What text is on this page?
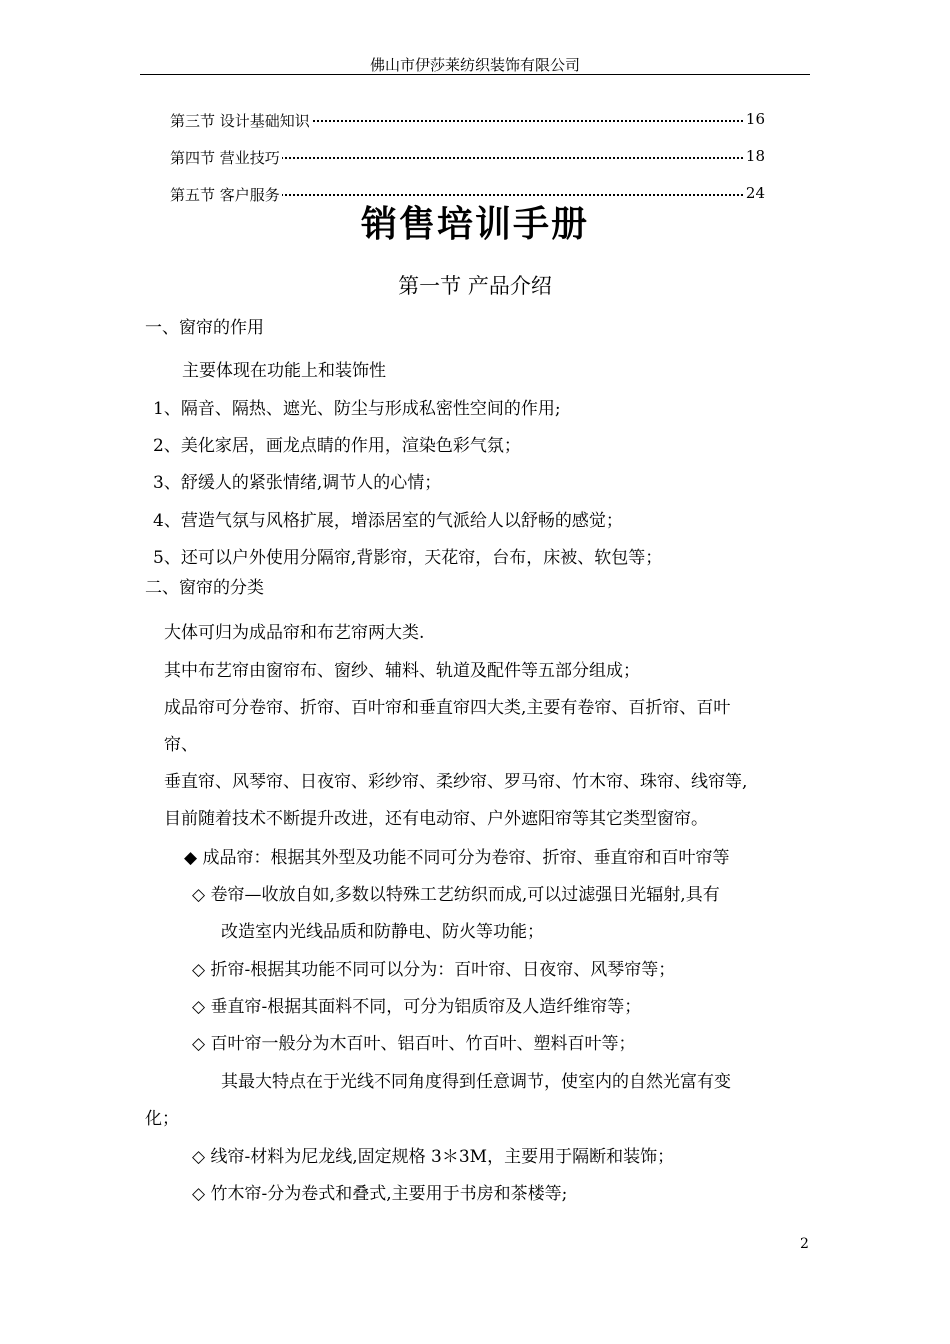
佛山市伊莎莱纺织装饰有限公司
第三节 设计基础知识	16
第四节 营业技巧	18
第五节 客户服务	24
销售培训手册
第一节 产品介绍
一、窗帘的作用
主要体现在功能上和装饰性
1、隔音、隔热、遮光、防尘与形成私密性空间的作用;
2、美化家居，画龙点睛的作用，渲染色彩气氛；
3、舒缓人的紧张情绪,调节人的心情；
4、营造气氛与风格扩展，增添居室的气派给人以舒畅的感觉；
5、还可以户外使用分隔帘,背影帘，天花帘，台布，床被、软包等；
二、窗帘的分类
大体可归为成品帘和布艺帘两大类.
其中布艺帘由窗帘布、窗纱、辅料、轨道及配件等五部分组成；
成品帘可分卷帘、折帘、百叶帘和垂直帘四大类,主要有卷帘、百折帘、百叶
帘、
垂直帘、风琴帘、日夜帘、彩纱帘、柔纱帘、罗马帘、竹木帘、珠帘、线帘等,
目前随着技术不断提升改进，还有电动帘、户外遮阳帘等其它类型窗帘。
◆ 成品帘：根据其外型及功能不同可分为卷帘、折帘、垂直帘和百叶帘等
◇ 卷帘—收放自如,多数以特殊工艺纺织而成,可以过滤强日光辐射,具有
改造室内光线品质和防静电、防火等功能；
◇ 折帘-根据其功能不同可以分为：百叶帘、日夜帘、风琴帘等；
◇ 垂直帘-根据其面料不同，可分为铝质帘及人造纤维帘等；
◇ 百叶帘一般分为木百叶、铝百叶、竹百叶、塑料百叶等；
其最大特点在于光线不同角度得到任意调节，使室内的自然光富有变
化；
◇ 线帘-材料为尼龙线,固定规格 3＊3M，主要用于隔断和装饰；
◇ 竹木帘-分为卷式和叠式,主要用于书房和茶楼等;
2
